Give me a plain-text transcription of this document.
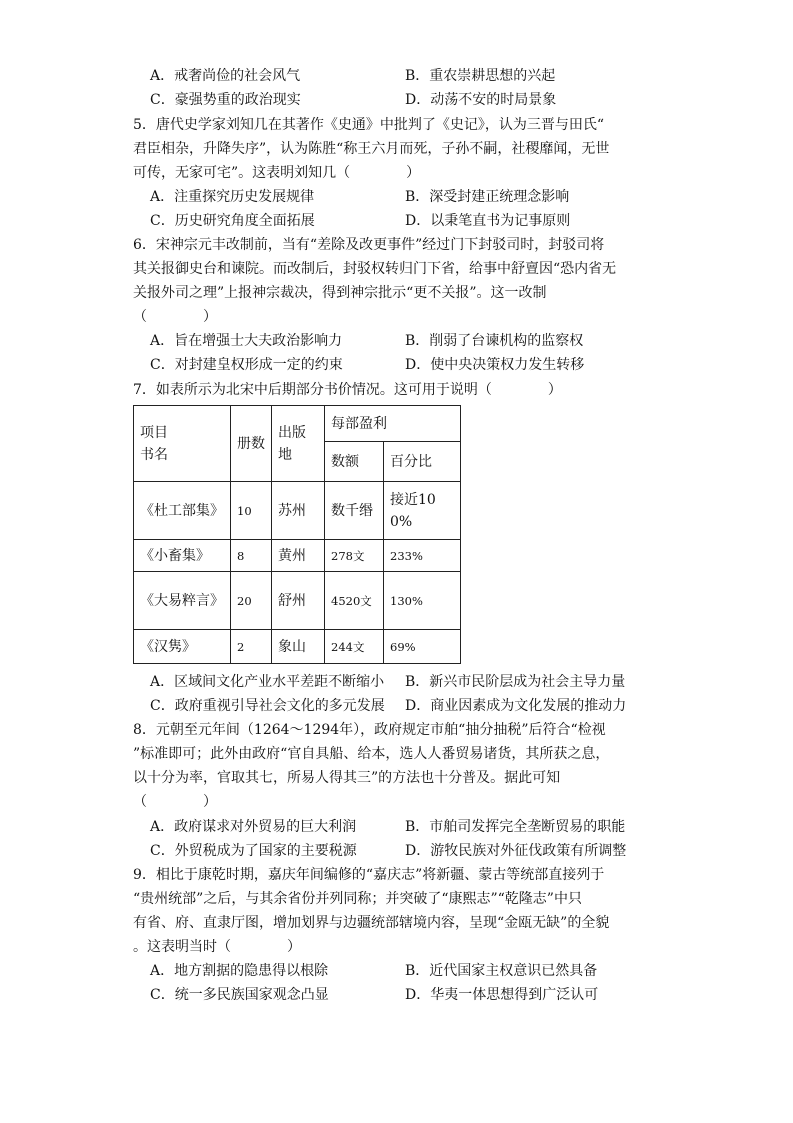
A．戒奢尚俭的社会风气	B．重农崇耕思想的兴起
C．豪强势重的政治现实	D．动荡不安的时局景象
5．唐代史学家刘知几在其著作《史通》中批判了《史记》，认为三晋与田氏“
君臣相杂，升降失序”，认为陈胜“称王六月而死，子孙不嗣，社稷靡闻，无世
可传，无家可宅”。这表明刘知几（　　　　）
A．注重探究历史发展规律	B．深受封建正统理念影响
C．历史研究角度全面拓展	D．以秉笔直书为记事原则
6．宋神宗元丰改制前，当有“差除及改更事件”经过门下封驳司时，封驳司将
其关报御史台和谏院。而改制后，封驳权转归门下省，给事中舒亶因“恐内省无
关报外司之理”上报神宗裁决，得到神宗批示“更不关报”。这一改制
（　　　　）
A．旨在增强士大夫政治影响力	B．削弱了台谏机构的监察权
C．对封建皇权形成一定的约束	D．使中央决策权力发生转移
7．如表所示为北宋中后期部分书价情况。这可用于说明（　　　　）
项目
书名	册数	出版地	每部盈利	
			数额	百分比
《杜工部集》	10	苏州	数千缗	接近100%
《小畜集》	8	黄州	278文	233%
《大易粹言》	20	舒州	4520文	130%
《汉隽》	2	象山	244文	69%
A．区域间文化产业水平差距不断缩小 B．新兴市民阶层成为社会主导力量
C．政府重视引导社会文化的多元发展 D．商业因素成为文化发展的推动力
8．元朝至元年间（1264～1294年），政府规定市舶“抽分抽税”后符合“检视
”标准即可；此外由政府“官自具船、给本，选人人番贸易诸货，其所获之息，
以十分为率，官取其七，所易人得其三”的方法也十分普及。据此可知
（　　　　）
A．政府谋求对外贸易的巨大利润	B．市舶司发挥完全垄断贸易的职能
C．外贸税成为了国家的主要税源	D．游牧民族对外征伐政策有所调整
9．相比于康乾时期，嘉庆年间编修的“嘉庆志”将新疆、蒙古等统部直接列于
“贵州统部”之后，与其余省份并列同称；并突破了“康熙志”“乾隆志”中只
有省、府、直隶厅图，增加划界与边疆统部辖境内容，呈现“金瓯无缺”的全貌
。这表明当时（　　　　）
A．地方割据的隐患得以根除	B．近代国家主权意识已然具备
C．统一多民族国家观念凸显	D．华夷一体思想得到广泛认可
